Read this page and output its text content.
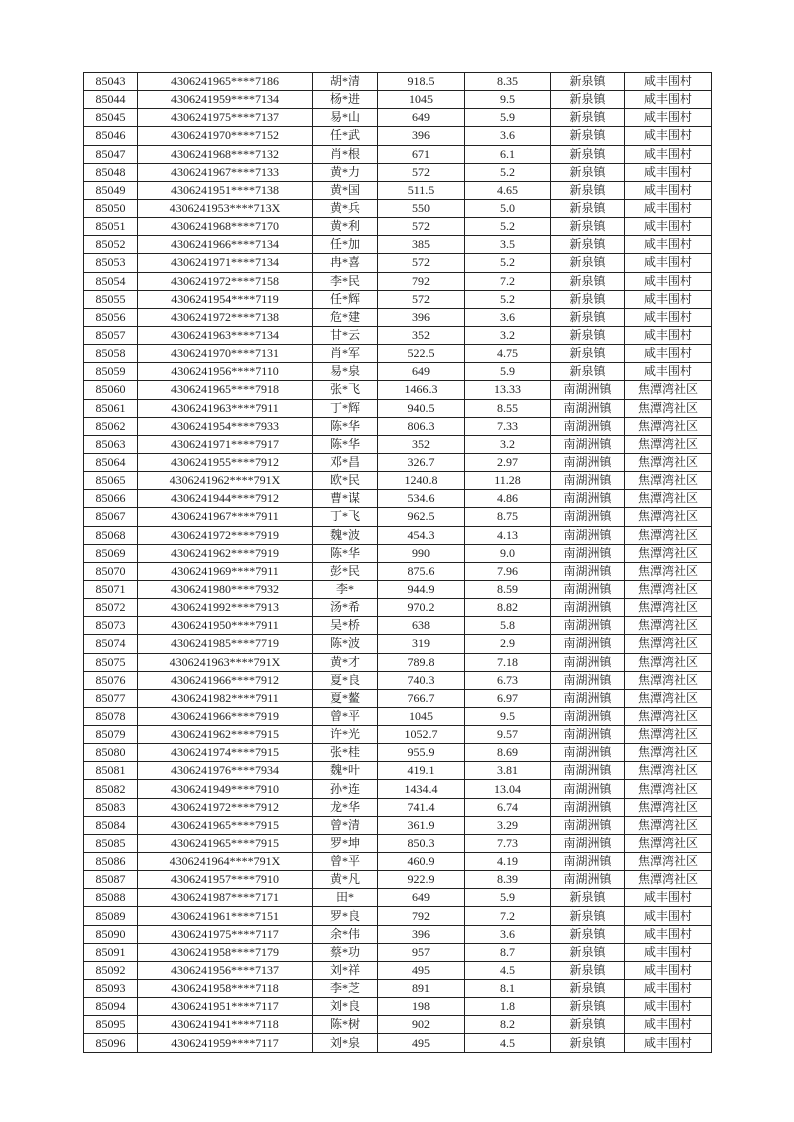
85043	4306241965****7186	胡*清	918.5	8.35	新泉镇	咸丰围村
85044	4306241959****7134	杨*进	1045	9.5	新泉镇	咸丰围村
85045	4306241975****7137	易*山	649	5.9	新泉镇	咸丰围村
85046	4306241970****7152	任*武	396	3.6	新泉镇	咸丰围村
85047	4306241968****7132	肖*根	671	6.1	新泉镇	咸丰围村
85048	4306241967****7133	黄*力	572	5.2	新泉镇	咸丰围村
85049	4306241951****7138	黄*国	511.5	4.65	新泉镇	咸丰围村
85050	4306241953****713X	黄*兵	550	5.0	新泉镇	咸丰围村
85051	4306241968****7170	黄*利	572	5.2	新泉镇	咸丰围村
85052	4306241966****7134	任*加	385	3.5	新泉镇	咸丰围村
85053	4306241971****7134	冉*喜	572	5.2	新泉镇	咸丰围村
85054	4306241972****7158	李*民	792	7.2	新泉镇	咸丰围村
85055	4306241954****7119	任*辉	572	5.2	新泉镇	咸丰围村
85056	4306241972****7138	危*建	396	3.6	新泉镇	咸丰围村
85057	4306241963****7134	甘*云	352	3.2	新泉镇	咸丰围村
85058	4306241970****7131	肖*军	522.5	4.75	新泉镇	咸丰围村
85059	4306241956****7110	易*泉	649	5.9	新泉镇	咸丰围村
85060	4306241965****7918	张*飞	1466.3	13.33	南湖洲镇	焦潭湾社区
85061	4306241963****7911	丁*辉	940.5	8.55	南湖洲镇	焦潭湾社区
85062	4306241954****7933	陈*华	806.3	7.33	南湖洲镇	焦潭湾社区
85063	4306241971****7917	陈*华	352	3.2	南湖洲镇	焦潭湾社区
85064	4306241955****7912	邓*昌	326.7	2.97	南湖洲镇	焦潭湾社区
85065	4306241962****791X	欧*民	1240.8	11.28	南湖洲镇	焦潭湾社区
85066	4306241944****7912	曹*谋	534.6	4.86	南湖洲镇	焦潭湾社区
85067	4306241967****7911	丁*飞	962.5	8.75	南湖洲镇	焦潭湾社区
85068	4306241972****7919	魏*波	454.3	4.13	南湖洲镇	焦潭湾社区
85069	4306241962****7919	陈*华	990	9.0	南湖洲镇	焦潭湾社区
85070	4306241969****7911	彭*民	875.6	7.96	南湖洲镇	焦潭湾社区
85071	4306241980****7932	李*	944.9	8.59	南湖洲镇	焦潭湾社区
85072	4306241992****7913	汤*希	970.2	8.82	南湖洲镇	焦潭湾社区
85073	4306241950****7911	吴*桥	638	5.8	南湖洲镇	焦潭湾社区
85074	4306241985****7719	陈*波	319	2.9	南湖洲镇	焦潭湾社区
85075	4306241963****791X	黄*才	789.8	7.18	南湖洲镇	焦潭湾社区
85076	4306241966****7912	夏*良	740.3	6.73	南湖洲镇	焦潭湾社区
85077	4306241982****7911	夏*鳌	766.7	6.97	南湖洲镇	焦潭湾社区
85078	4306241966****7919	曾*平	1045	9.5	南湖洲镇	焦潭湾社区
85079	4306241962****7915	许*光	1052.7	9.57	南湖洲镇	焦潭湾社区
85080	4306241974****7915	张*桂	955.9	8.69	南湖洲镇	焦潭湾社区
85081	4306241976****7934	魏*叶	419.1	3.81	南湖洲镇	焦潭湾社区
85082	4306241949****7910	孙*连	1434.4	13.04	南湖洲镇	焦潭湾社区
85083	4306241972****7912	龙*华	741.4	6.74	南湖洲镇	焦潭湾社区
85084	4306241965****7915	曾*清	361.9	3.29	南湖洲镇	焦潭湾社区
85085	4306241965****7915	罗*坤	850.3	7.73	南湖洲镇	焦潭湾社区
85086	4306241964****791X	曾*平	460.9	4.19	南湖洲镇	焦潭湾社区
85087	4306241957****7910	黄*凡	922.9	8.39	南湖洲镇	焦潭湾社区
85088	4306241987****7171	田*	649	5.9	新泉镇	咸丰围村
85089	4306241961****7151	罗*良	792	7.2	新泉镇	咸丰围村
85090	4306241975****7117	余*伟	396	3.6	新泉镇	咸丰围村
85091	4306241958****7179	蔡*功	957	8.7	新泉镇	咸丰围村
85092	4306241956****7137	刘*祥	495	4.5	新泉镇	咸丰围村
85093	4306241958****7118	李*芝	891	8.1	新泉镇	咸丰围村
85094	4306241951****7117	刘*良	198	1.8	新泉镇	咸丰围村
85095	4306241941****7118	陈*树	902	8.2	新泉镇	咸丰围村
85096	4306241959****7117	刘*泉	495	4.5	新泉镇	咸丰围村
